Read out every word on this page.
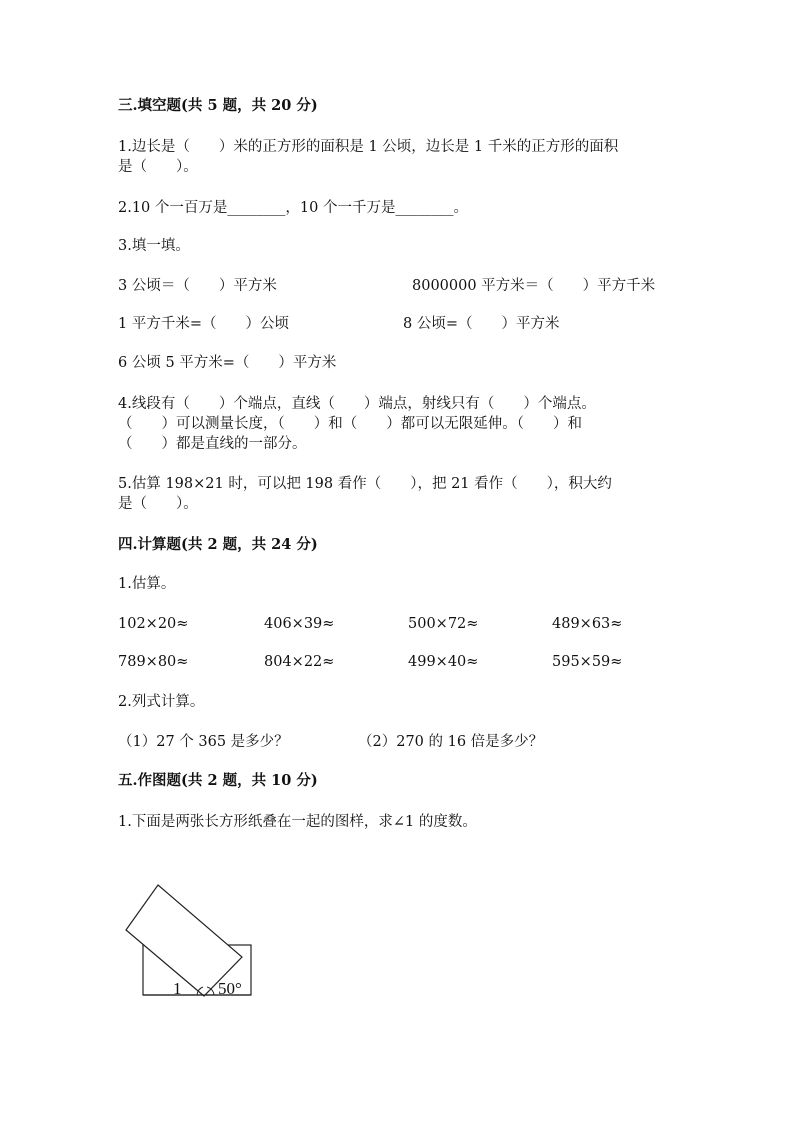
三.填空题(共 5 题，共 20 分)
1.边长是（　　）米的正方形的面积是 1 公顷，边长是 1 千米的正方形的面积
是（　　）。
2.10 个一百万是________，10 个一千万是________。
3.填一填。
3 公顷＝（　　）平方米	8000000 平方米＝（　　）平方千米
1 平方千米=（　　）公顷	8 公顷=（　　）平方米
6 公顷 5 平方米=（　　）平方米
4.线段有（　　）个端点，直线（　　）端点，射线只有（　　）个端点。
（　　）可以测量长度，（　　）和（　　）都可以无限延伸。（　　）和
（　　）都是直线的一部分。
5.估算 198×21 时，可以把 198 看作（　　），把 21 看作（　　），积大约
是（　　）。
四.计算题(共 2 题，共 24 分)
1.估算。
102×20≈	406×39≈	500×72≈	489×63≈
789×80≈	804×22≈	499×40≈	595×59≈
2.列式计算。
（1）27 个 365 是多少？	（2）270 的 16 倍是多少？
五.作图题(共 2 题，共 10 分)
1.下面是两张长方形纸叠在一起的图样，求∠1 的度数。
1 50°
